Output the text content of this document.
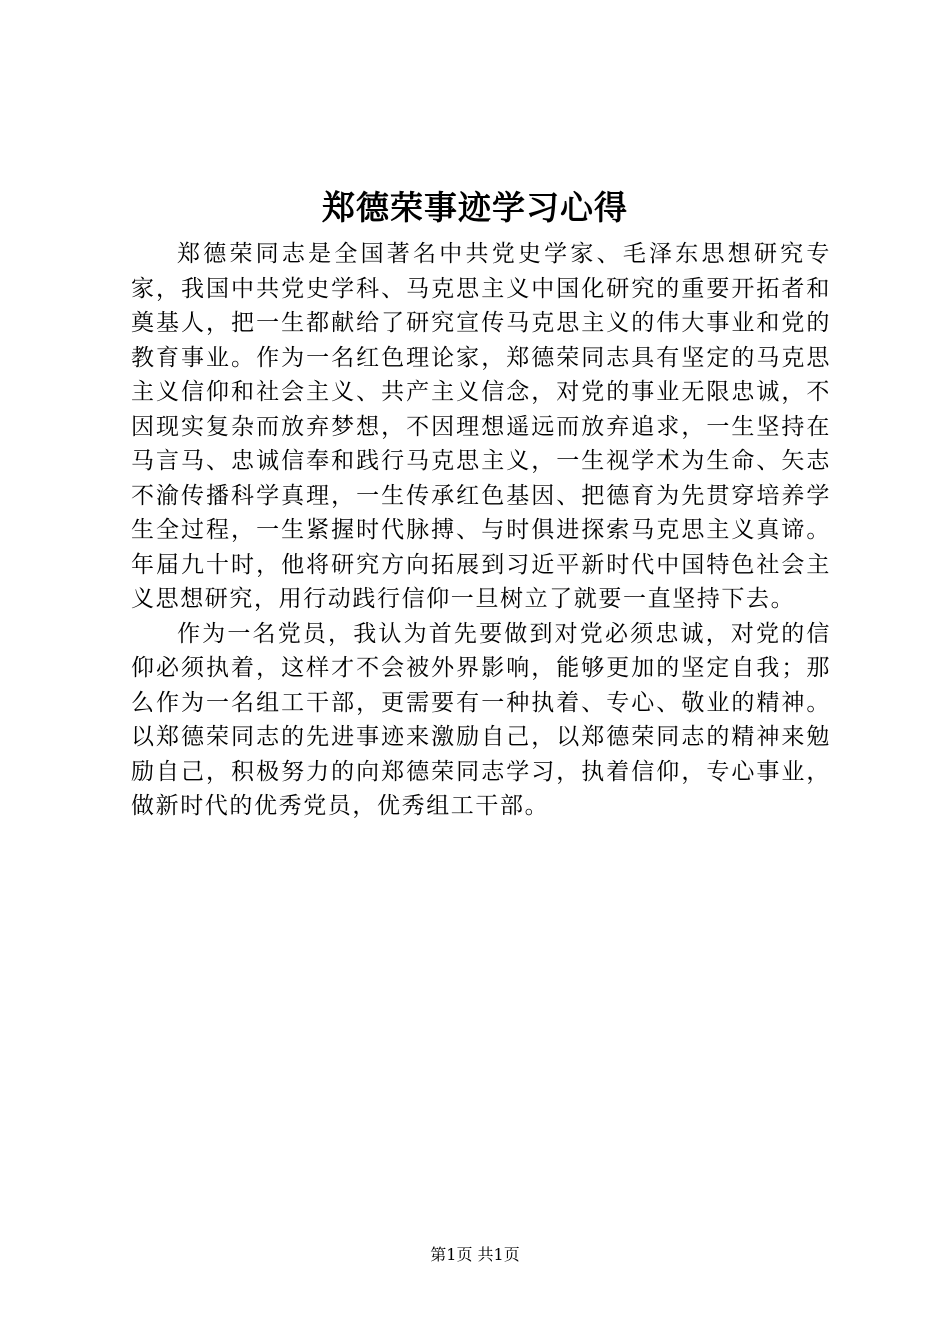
郑德荣事迹学习心得

郑德荣同志是全国著名中共党史学家、毛泽东思想研究专家，我国中共党史学科、马克思主义中国化研究的重要开拓者和奠基人，把一生都献给了研究宣传马克思主义的伟大事业和党的教育事业。作为一名红色理论家，郑德荣同志具有坚定的马克思主义信仰和社会主义、共产主义信念，对党的事业无限忠诚，不因现实复杂而放弃梦想，不因理想遥远而放弃追求，一生坚持在马言马、忠诚信奉和践行马克思主义，一生视学术为生命、矢志不渝传播科学真理，一生传承红色基因、把德育为先贯穿培养学生全过程，一生紧握时代脉搏、与时俱进探索马克思主义真谛。年届九十时，他将研究方向拓展到习近平新时代中国特色社会主义思想研究，用行动践行信仰一旦树立了就要一直坚持下去。

作为一名党员，我认为首先要做到对党必须忠诚，对党的信仰必须执着，这样才不会被外界影响，能够更加的坚定自我；那么作为一名组工干部，更需要有一种执着、专心、敬业的精神。以郑德荣同志的先进事迹来激励自己，以郑德荣同志的精神来勉励自己，积极努力的向郑德荣同志学习，执着信仰，专心事业，做新时代的优秀党员，优秀组工干部。

第1页 共1页
